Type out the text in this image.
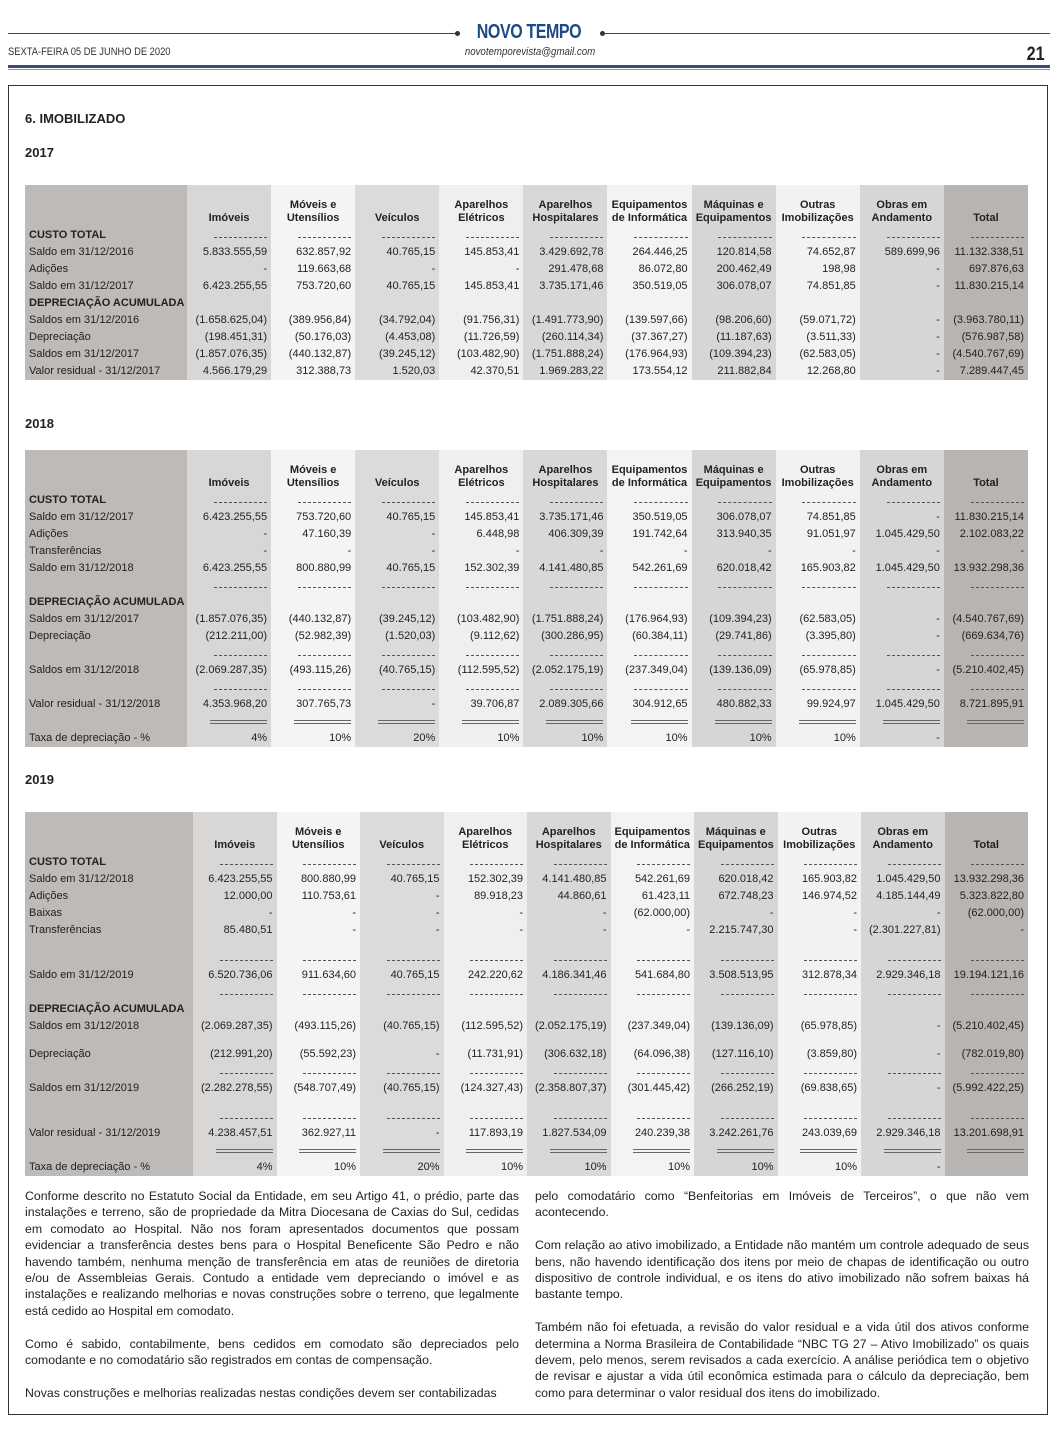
NOVO TEMPO
SEXTA-FEIRA 05 DE JUNHO DE 2020	novotemporevista@gmail.com	21
6. IMOBILIZADO
2017
	Imóveis	Móveis e Utensílios	Veículos	Aparelhos Elétricos	Aparelhos Hospitalares	Equipamentos de Informática	Máquinas e Equipamentos	Outras Imobilizações	Obras em Andamento	Total
CUSTO TOTAL										
Saldo em 31/12/2016	5.833.555,59	632.857,92	40.765,15	145.853,41	3.429.692,78	264.446,25	120.814,58	74.652,87	589.699,96	11.132.338,51
Adições	-	119.663,68	-	-	291.478,68	86.072,80	200.462,49	198,98	-	697.876,63
Saldo em 31/12/2017	6.423.255,55	753.720,60	40.765,15	145.853,41	3.735.171,46	350.519,05	306.078,07	74.851,85	-	11.830.215,14
DEPRECIAÇÃO ACUMULADA										
Saldos em 31/12/2016	(1.658.625,04)	(389.956,84)	(34.792,04)	(91.756,31)	(1.491.773,90)	(139.597,66)	(98.206,60)	(59.071,72)	-	(3.963.780,11)
Depreciação	(198.451,31)	(50.176,03)	(4.453,08)	(11.726,59)	(260.114,34)	(37.367,27)	(11.187,63)	(3.511,33)	-	(576.987,58)
Saldos em 31/12/2017	(1.857.076,35)	(440.132,87)	(39.245,12)	(103.482,90)	(1.751.888,24)	(176.964,93)	(109.394,23)	(62.583,05)	-	(4.540.767,69)
Valor residual - 31/12/2017	4.566.179,29	312.388,73	1.520,03	42.370,51	1.969.283,22	173.554,12	211.882,84	12.268,80	-	7.289.447,45
2018
	Imóveis	Móveis e Utensílios	Veículos	Aparelhos Elétricos	Aparelhos Hospitalares	Equipamentos de Informática	Máquinas e Equipamentos	Outras Imobilizações	Obras em Andamento	Total
CUSTO TOTAL										
Saldo em 31/12/2017	6.423.255,55	753.720,60	40.765,15	145.853,41	3.735.171,46	350.519,05	306.078,07	74.851,85	-	11.830.215,14
Adições	-	47.160,39	-	6.448,98	406.309,39	191.742,64	313.940,35	91.051,97	1.045.429,50	2.102.083,22
Transferências	-	-	-	-	-	-	-	-	-	-
Saldo em 31/12/2018	6.423.255,55	800.880,99	40.765,15	152.302,39	4.141.480,85	542.261,69	620.018,42	165.903,82	1.045.429,50	13.932.298,36

DEPRECIAÇÃO ACUMULADA										
Saldos em 31/12/2017	(1.857.076,35)	(440.132,87)	(39.245,12)	(103.482,90)	(1.751.888,24)	(176.964,93)	(109.394,23)	(62.583,05)	-	(4.540.767,69)
Depreciação	(212.211,00)	(52.982,39)	(1.520,03)	(9.112,62)	(300.286,95)	(60.384,11)	(29.741,86)	(3.395,80)	-	(669.634,76)

Saldos em 31/12/2018	(2.069.287,35)	(493.115,26)	(40.765,15)	(112.595,52)	(2.052.175,19)	(237.349,04)	(139.136,09)	(65.978,85)	-	(5.210.402,45)

Valor residual - 31/12/2018	4.353.968,20	307.765,73	-	39.706,87	2.089.305,66	304.912,65	480.882,33	99.924,97	1.045.429,50	8.721.895,91

Taxa de depreciação - %	4%	10%	20%	10%	10%	10%	10%	10%	-	
2019
	Imóveis	Móveis e Utensílios	Veículos	Aparelhos Elétricos	Aparelhos Hospitalares	Equipamentos de Informática	Máquinas e Equipamentos	Outras Imobilizações	Obras em Andamento	Total
CUSTO TOTAL										
Saldo em 31/12/2018	6.423.255,55	800.880,99	40.765,15	152.302,39	4.141.480,85	542.261,69	620.018,42	165.903,82	1.045.429,50	13.932.298,36
Adições	12.000,00	110.753,61	-	89.918,23	44.860,61	61.423,11	672.748,23	146.974,52	4.185.144,49	5.323.822,80
Baixas	-	-	-	-	-	(62.000,00)	-	-	-	(62.000,00)
Transferências	85.480,51	-	-	-	-	-	2.215.747,30	-	(2.301.227,81)	-

Saldo em 31/12/2019	6.520.736,06	911.634,60	40.765,15	242.220,62	4.186.341,46	541.684,80	3.508.513,95	312.878,34	2.929.346,18	19.194.121,16

DEPRECIAÇÃO ACUMULADA										
Saldos em 31/12/2018	(2.069.287,35)	(493.115,26)	(40.765,15)	(112.595,52)	(2.052.175,19)	(237.349,04)	(139.136,09)	(65.978,85)	-	(5.210.402,45)
Depreciação	(212.991,20)	(55.592,23)	-	(11.731,91)	(306.632,18)	(64.096,38)	(127.116,10)	(3.859,80)	-	(782.019,80)

Saldos em 31/12/2019	(2.282.278,55)	(548.707,49)	(40.765,15)	(124.327,43)	(2.358.807,37)	(301.445,42)	(266.252,19)	(69.838,65)	-	(5.992.422,25)

Valor residual - 31/12/2019	4.238.457,51	362.927,11	-	117.893,19	1.827.534,09	240.239,38	3.242.261,76	243.039,69	2.929.346,18	13.201.698,91

Taxa de depreciação - %	4%	10%	20%	10%	10%	10%	10%	10%	-	

Conforme descrito no Estatuto Social da Entidade, em seu Artigo 41, o prédio, parte das instalações e terreno, são de propriedade da Mitra Diocesana de Caxias do Sul, cedidas em comodato ao Hospital. Não nos foram apresentados documentos que possam evidenciar a transferência destes bens para o Hospital Beneficente São Pedro e não havendo também, nenhuma menção de transferência em atas de reuniões de diretoria e/ou de Assembleias Gerais. Contudo a entidade vem depreciando o imóvel e as instalações e realizando melhorias e novas construções sobre o terreno, que legalmente está cedido ao Hospital em comodato.

Como é sabido, contabilmente, bens cedidos em comodato são depreciados pelo comodante e no comodatário são registrados em contas de compensação.

Novas construções e melhorias realizadas nestas condições devem ser contabilizadas

pelo comodatário como “Benfeitorias em Imóveis de Terceiros”, o que não vem acontecendo.

Com relação ao ativo imobilizado, a Entidade não mantém um controle adequado de seus bens, não havendo identificação dos itens por meio de chapas de identificação ou outro dispositivo de controle individual, e os itens do ativo imobilizado não sofrem baixas há bastante tempo.

Também não foi efetuada, a revisão do valor residual e a vida útil dos ativos conforme determina a Norma Brasileira de Contabilidade “NBC TG 27 – Ativo Imobilizado” os quais devem, pelo menos, serem revisados a cada exercício. A análise periódica tem o objetivo de revisar e ajustar a vida útil econômica estimada para o cálculo da depreciação, bem como para determinar o valor residual dos itens do imobilizado.
